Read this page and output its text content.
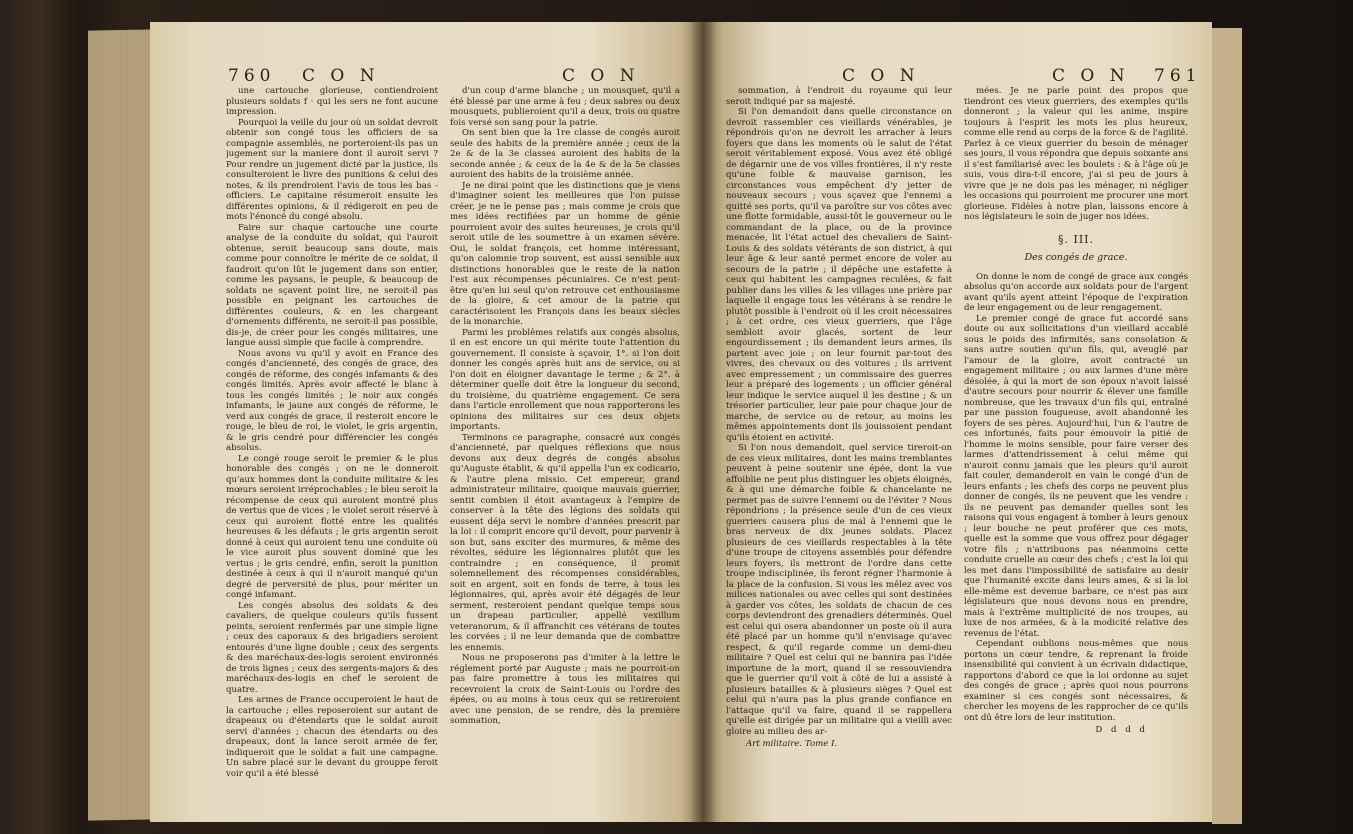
760 C O N	C O N

une cartouche glorieuse, contiendroient plusieurs soldats f · qui les sers ne font aucune impression.

Pourquoi la veille du jour où un soldat devroit obtenir son congé tous les officiers de sa compagnie assemblés, ne porteroient-ils pas un jugement sur la maniere dont il auroit servi ? Pour rendre un jugement dicté par la justice, ils consulteroient le livre des punitions & celui des notes, & ils prendroient l'avis de tous les bas - officiers. Le capitaine résumeroit ensuite les différentes opinions, & il rédigeroit en peu de mots l'énoncé du congé absolu.

Faire sur chaque cartouche une courte analyse de la conduite du soldat, qui l'auroit obtenue, seroit beaucoup sans doute, mais comme pour connoître le mérite de ce soldat, il faudroit qu'on lût le jugement dans son entier, comme les paysans, le peuple, & beaucoup de soldats ne sçavent point lire, ne seroit-il pas possible en peignant les cartouches de différentes couleurs, & en les chargeant d'ornements différents, ne seroit-il pas possible, dis-je, de créer pour les congés militaires, une langue aussi simple que facile à comprendre.

Nous avons vu qu'il y avoit en France des congés d'ancienneté, des congés de grace, des congés de réforme, des congés infamants & des congés limités. Après avoir affecté le blanc à tous les congés limités ; le noir aux congés infamants, le jaune aux congés de réforme, le verd aux congés de grace, il resteroit encore le rouge, le bleu de roi, le violet, le gris argentin, & le gris cendré pour différencier les congés absolus.

Le congé rouge seroit le premier & le plus honorable des congés ; on ne le donneroit qu'aux hommes dont la conduite militaire & les mœurs seroient irréprochables ; le bleu seroit la récompense de ceux qui auroient montré plus de vertus que de vices ; le violet seroit réservé à ceux qui auroient flotté entre les qualités heureuses & les défauts ; le gris argentin seroit donné à ceux qui auroient tenu une conduite où le vice auroit plus souvent dominé que les vertus ; le gris cendré, enfin, seroit la punition destinée à ceux à qui il n'auroit manqué qu'un degré de perversité de plus, pour mériter un congé infamant.

Les congés absolus des soldats & des cavaliers, de quelque couleurs qu'ils fussent peints, seroient renfermés par une simple ligne ; ceux des caporaux & des brigadiers seroient entourés d'une ligne double ; ceux des sergents & des maréchaux-des-logis seroient environnés de trois lignes ; ceux des sergents-majors & des maréchaux-des-logis en chef le seroient de quatre.

Les armes de France occuperoient le haut de la cartouche ; elles reposeroient sur autant de drapeaux ou d'étendarts que le soldat auroit servi d'années ; chacun des étendarts ou des drapeaux, dont la lance seroit armée de fer, indiqueroit que le soldat a fait une campagne. Un sabre placé sur le devant du grouppe feroit voir qu'il a été blessé

d'un coup d'arme blanche ; un mousquet, qu'il a été blessé par une arme à feu ; deux sabres ou deux mousquets, publieroient qu'il a deux, trois ou quatre fois versé son sang pour la patrie.

On sent bien que la 1re classe de congés auroit seule des habits de la première année ; ceux de la 2e & de la 3e classes auroient des habits de la seconde année ; & ceux de la 4e & de la 5e classes auroient des habits de la troisième année.

Je ne dirai point que les distinctions que je viens d'imaginer soient les meilleures que l'on puisse créer, je ne le pense pas ; mais comme je crois que mes idées rectifiées par un homme de génie pourroient avoir des suites heureuses, je crois qu'il seroit utile de les soumettre à un examen sévère. Oui, le soldat françois, cet homme intéressant, qu'on calomnie trop souvent, est aussi sensible aux distinctions honorables que le reste de la nation l'est aux récompenses pécuniaires. Ce n'est peut-être qu'en lui seul qu'on retrouve cet enthousiasme de la gloire, & cet amour de la patrie qui caractérisoient les François dans les beaux siècles de la monarchie.

Parmi les problêmes relatifs aux congés absolus, il en est encore un qui mérite toute l'attention du gouvernement. Il consiste à sçavoir, 1°. si l'on doit donner les congés après huit ans de service, ou si l'on doit en éloigner davantage le terme ; & 2°. à déterminer quelle doit être la longueur du second, du troisième, du quatrième engagement. Ce sera dans l'article enrollement que nous rapporterons les opinions des militaires sur ces deux objets importants.

Terminons ce paragraphe, consacré aux congés d'ancienneté, par quelques réflexions que nous devons aux deux degrés de congés absolus qu'Auguste établit, & qu'il appella l'un ex codicario, & l'autre plena missio. Cet empereur, grand administrateur militaire, quoique mauvais guerrier, sentit combien il étoit avantageux à l'empire de conserver à la tête des légions des soldats qui eussent déja servi le nombre d'années prescrit par la loi : il comprit encore qu'il devoit, pour parvenir à son but, sans exciter des murmures, & même des révoltes, séduire les légionnaires plutôt que les contraindre ; en conséquence, il promit solemnellement des récompenses considérables, soit en argent, soit en fonds de terre, à tous les légionnaires, qui, après avoir été dégagés de leur serment, resteroient pendant quelque temps sous un drapeau particulier, appellé vexillum veteranorum, & il affranchit ces vétérans de toutes les corvées ; il ne leur demanda que de combattre les ennemis.

Nous ne proposerons pas d'imiter à la lettre le réglement porté par Auguste ; mais ne pourroit-on pas faire promettre à tous les militaires qui recevroient la croix de Saint-Louis ou l'ordre des épées, ou au moins à tous ceux qui se retireroient avec une pension, de se rendre, dès la première sommation,

C O N	C O N 761

sommation, à l'endroit du royaume qui leur seroit indiqué par sa majesté.

Si l'on demandoit dans quelle circonstance on devroit rassembler ces vieillards vénérables, je répondrois qu'on ne devroit les arracher à leurs foyers que dans les moments où le salut de l'état seroit véritablement exposé. Vous avez été obligé de dégarnir une de vos villes frontières, il n'y reste qu'une foible & mauvaise garnison, les circonstances vous empêchent d'y jetter de nouveaux secours ; vous sçavez que l'ennemi a quitté ses ports, qu'il va paroître sur vos côtes avec une flotte formidable, aussi-tôt le gouverneur ou le commandant de la place, ou de la province menacée, lit l'état actuel des chevaliers de Saint-Louis & des soldats vétérants de son district, à qui leur âge & leur santé permet encore de voler au secours de la patrie ; il dépêche une estafette à ceux qui habitent les campagnes reculées, & fait publier dans les villes & les villages une prière par laquelle il engage tous les vétérans à se rendre le plutôt possible à l'endroit où il les croit nécessaires ; à cet ordre, ces vieux guerriers, que l'âge sembloit avoir glacés, sortent de leur engourdissement ; ils demandent leurs armes, ils partent avec joie ; on leur fournit par-tout des vivres, des chevaux ou des voitures ; ils arrivent avec empressement ; un commissaire des guerres leur a préparé des logements ; un officier général leur indique le service auquel il les destine ; & un trésorier particulier, leur paie pour chaque jour de marche, de service ou de retour, au moins les mêmes appointements dont ils jouissoient pendant qu'ils étoient en activité.

Si l'on nous demandoit, quel service tireroit-on de ces vieux militaires, dont les mains tremblantes peuvent à peine soutenir une épée, dont la vue affoiblie ne peut plus distinguer les objets éloignés, & à qui une démarche foible & chancelante ne permet pas de suivre l'ennemi ou de l'éviter ? Nous répondrions ; la présence seule d'un de ces vieux guerriers causera plus de mal à l'ennemi que le bras nerveux de dix jeunes soldats. Placez plusieurs de ces vieillards respectables à la tête d'une troupe de citoyens assemblés pour défendre leurs foyers, ils mettront de l'ordre dans cette troupe indisciplinée, ils feront régner l'harmonie à la place de la confusion. Si vous les mêlez avec vos milices nationales ou avec celles qui sont destinées à garder vos côtes, les soldats de chacun de ces corps deviendront des grenadiers déterminés. Quel est celui qui osera abandonner un poste où il aura été placé par un homme qu'il n'envisage qu'avec respect, & qu'il regarde comme un demi-dieu militaire ? Quel est celui qui ne bannira pas l'idée importune de la mort, quand il se ressouviendra que le guerrier qu'il voit à côté de lui a assisté à plusieurs batailles & à plusieurs sièges ? Quel est celui qui n'aura pas la plus grande confiance en l'attaque qu'il va faire, quand il se rappellera qu'elle est dirigée par un militaire qui a vieilli avec gloire au milieu des ar-

Art militaire. Tome I.

mées. Je ne parle point des propos que tiendront ces vieux guerriers, des exemples qu'ils donneront ; la valeur qui les anime, inspire toujours à l'esprit les mots les plus heureux, comme elle rend au corps de la force & de l'agilité. Parlez à ce vieux guerrier du besoin de ménager ses jours, il vous répondra que depuis soixante ans il s'est familiarisé avec les boulets : & à l'âge où je suis, vous dira-t-il encore, j'ai si peu de jours à vivre que je ne dois pas les ménager, ni négliger les occasions qui pourroient me procurer une mort glorieuse. Fidèles à notre plan, laissons encore à nos législateurs le soin de juger nos idées.

§. III.
Des congés de grace.

On donne le nom de congé de grace aux congés absolus qu'on accorde aux soldats pour de l'argent avant qu'ils ayent atteint l'époque de l'expiration de leur engagement ou de leur rengagement.

Le premier congé de grace fut accordé sans doute ou aux sollicitations d'un vieillard accablé sous le poids des infirmités, sans consolation & sans autre soutien qu'un fils, qui, aveuglé par l'amour de la gloire, avoit contracté un engagement militaire ; ou aux larmes d'une mère désolée, à qui la mort de son époux n'avoit laissé d'autre secours pour nourrir & élever une famille nombreuse, que les travaux d'un fils qui, entraîné par une passion fougueuse, avoit abandonné les foyers de ses pères. Aujourd'hui, l'un & l'autre de ces infortunés, faits pour émouvoir la pitié de l'homme le moins sensible, pour faire verser des larmes d'attendrissement à celui même qui n'auroit connu jamais que les pleurs qu'il auroit fait couler, demanderoit en vain le congé d'un de leurs enfants ; les chefs des corps ne peuvent plus donner de congés, ils ne peuvent que les vendre : ils ne peuvent pas demander quelles sont les raisons qui vous engagent à tomber à leurs genoux ; leur bouche ne peut proférer que ces mots, quelle est la somme que vous offrez pour dégager votre fils ; n'attribuons pas néanmoins cette conduite cruelle au cœur des chefs ; c'est la loi qui les met dans l'impossibilité de satisfaire au desir que l'humanité excite dans leurs ames, & si la loi elle-même est devenue barbare, ce n'est pas aux législateurs que nous devons nous en prendre, mais à l'extrême multiplicité de nos troupes, au luxe de nos armées, & à la modicité relative des revenus de l'état.

Cependant oublions nous-mêmes que nous portons un cœur tendre, & reprenant la froide insensibilité qui convient à un écrivain didactique, rapportons d'abord ce que la loi ordonne au sujet des congés de grace ; après quoi nous pourrons examiner si ces congés sont nécessaires, & chercher les moyens de les rapprocher de ce qu'ils ont dû être lors de leur institution.

D d d d
